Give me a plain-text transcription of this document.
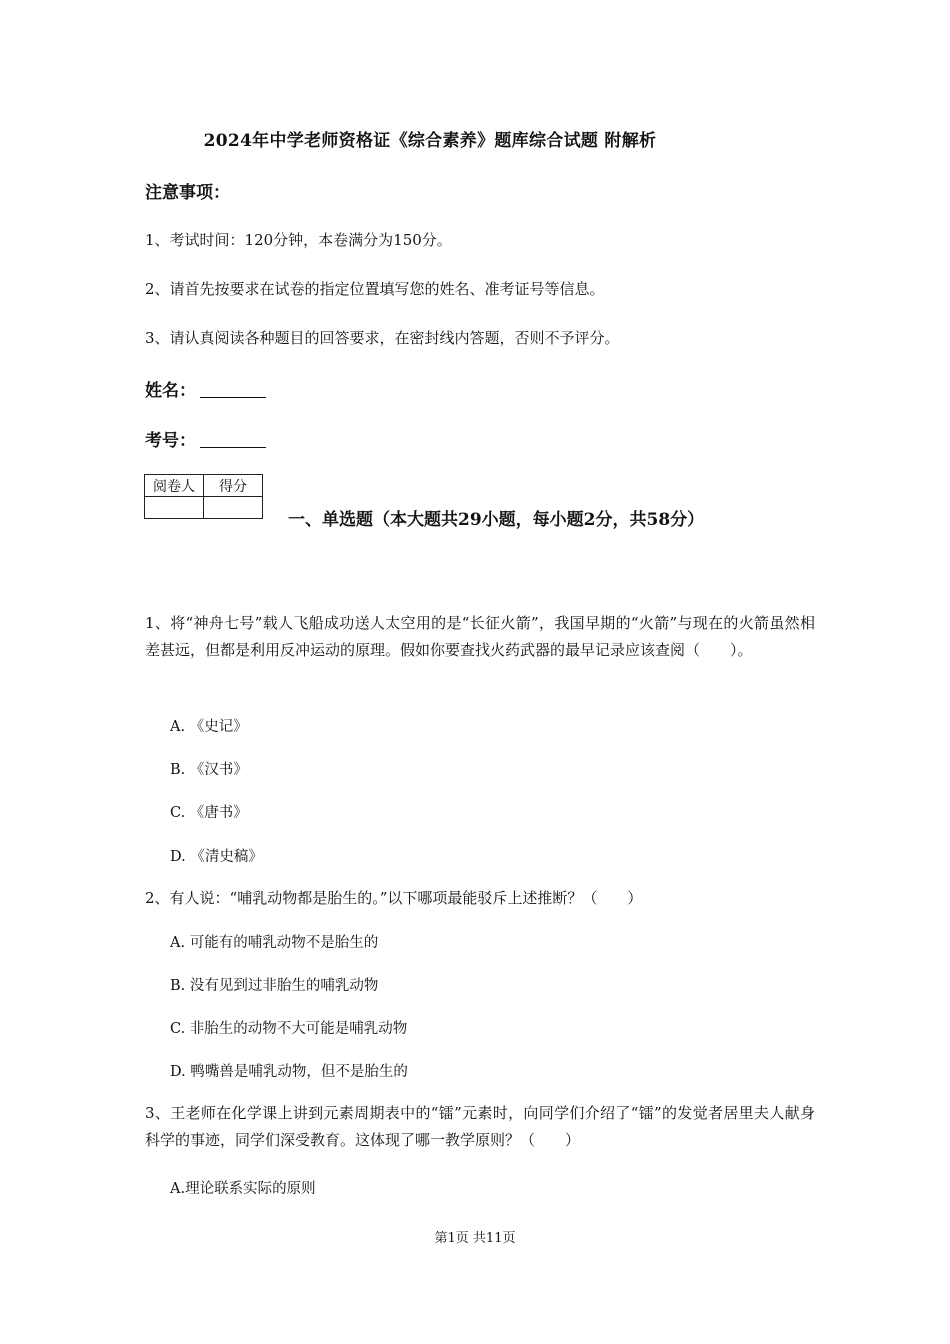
2024年中学老师资格证《综合素养》题库综合试题 附解析
注意事项：
1、考试时间：120分钟，本卷满分为150分。
2、请首先按要求在试卷的指定位置填写您的姓名、准考证号等信息。
3、请认真阅读各种题目的回答要求，在密封线内答题，否则不予评分。
姓名：
考号：
阅卷人	得分

一、单选题（本大题共29小题，每小题2分，共58分）
1、将“神舟七号”载人飞船成功送人太空用的是“长征火箭”，我国早期的“火箭”与现在的火箭虽然相差甚远，但都是利用反冲运动的原理。假如你要查找火药武器的最早记录应该查阅（　　）。
A. 《史记》
B. 《汉书》
C. 《唐书》
D. 《清史稿》
2、有人说：“哺乳动物都是胎生的。”以下哪项最能驳斥上述推断？（　　）
A. 可能有的哺乳动物不是胎生的
B. 没有见到过非胎生的哺乳动物
C. 非胎生的动物不大可能是哺乳动物
D. 鸭嘴兽是哺乳动物，但不是胎生的
3、王老师在化学课上讲到元素周期表中的“镭”元素时，向同学们介绍了“镭”的发觉者居里夫人献身科学的事迹，同学们深受教育。这体现了哪一教学原则？（　　）
A.理论联系实际的原则
第1页 共11页
